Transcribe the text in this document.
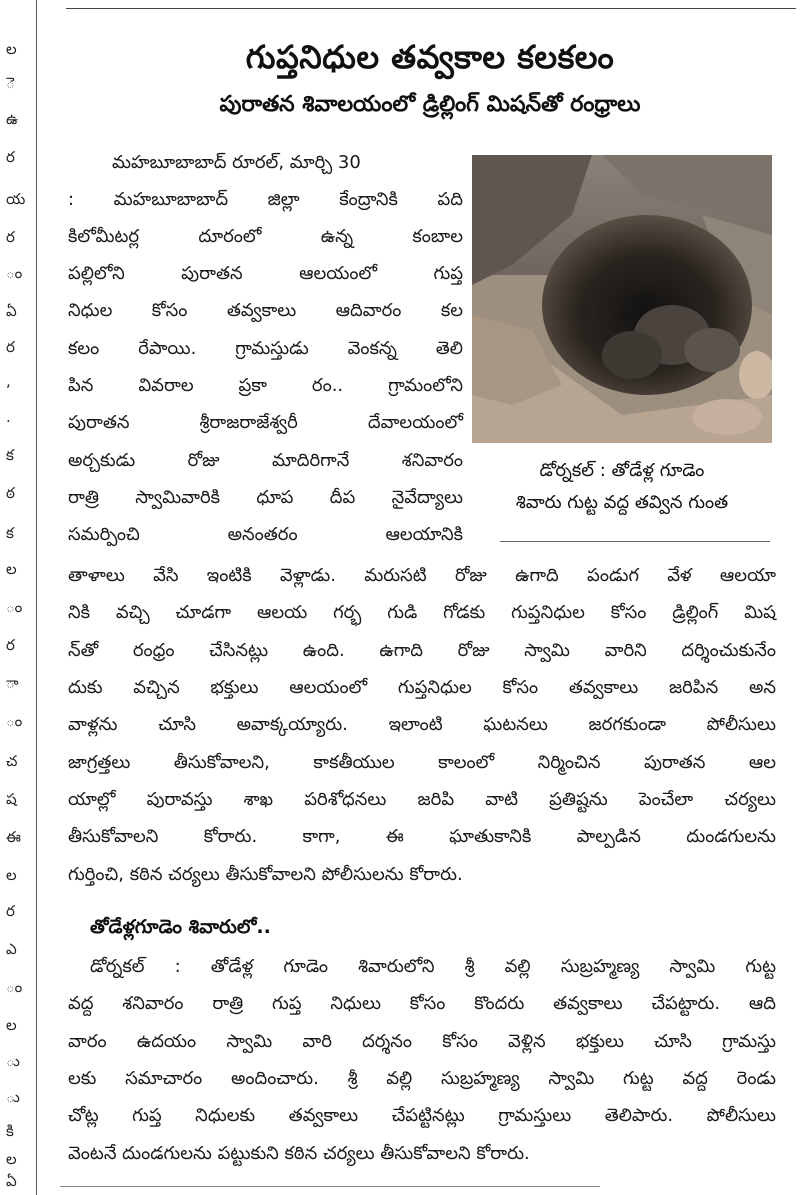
ల
ె
ఉ
ర
య
ర
ం
ఏ
ర
,
.
క
ఠ
క
ల
ం
ర
ా
ం
చ
ష
ఈ
ల
ర
ఎ
ం
ల
ు
ు
కి
ల
ఏ
గుప్తనిధుల తవ్వకాల కలకలం
పురాతన శివాలయంలో డ్రిల్లింగ్ మిషన్‌తో రంధ్రాలు
డోర్నకల్ : తోడేళ్ల గూడెం
శివారు గుట్ట వద్ద తవ్విన గుంత
మహబూబాబాద్ రూరల్, మార్చి 30
: మహబూబాబాద్ జిల్లా కేంద్రానికి పది
కిలోమీటర్ల దూరంలో ఉన్న కంబాల
పల్లిలోని పురాతన ఆలయంలో గుప్త
నిధుల కోసం తవ్వకాలు ఆదివారం కల
కలం రేపాయి. గ్రామస్తుడు వెంకన్న తెలి
పిన వివరాల ప్రకా రం.. గ్రామంలోని
పురాతన శ్రీరాజరాజేశ్వరీ దేవాలయంలో
అర్చకుడు రోజు మాదిరిగానే శనివారం
రాత్రి స్వామివారికి ధూప దీప నైవేద్యాలు
సమర్పించి అనంతరం ఆలయానికి
తాళాలు వేసి ఇంటికి వెళ్లాడు. మరుసటి రోజు ఉగాది పండుగ వేళ ఆలయా
నికి వచ్చి చూడగా ఆలయ గర్భ గుడి గోడకు గుప్తనిధుల కోసం డ్రిల్లింగ్ మిష
న్‌తో రంధ్రం చేసినట్లు ఉంది. ఉగాది రోజు స్వామి వారిని దర్శించుకునేం
దుకు వచ్చిన భక్తులు ఆలయంలో గుప్తనిధుల కోసం తవ్వకాలు జరిపిన అన
వాళ్లను చూసి అవాక్కయ్యారు. ఇలాంటి ఘటనలు జరగకుండా పోలీసులు
జాగ్రత్తలు తీసుకోవాలని, కాకతీయుల కాలంలో నిర్మించిన పురాతన ఆల
యాల్లో పురావస్తు శాఖ పరిశోధనలు జరిపి వాటి ప్రతిష్టను పెంచేలా చర్యలు
తీసుకోవాలని కోరారు. కాగా, ఈ ఘాతుకానికి పాల్పడిన దుండగులను
గుర్తించి, కఠిన చర్యలు తీసుకోవాలని పోలీసులను కోరారు.
తోడేళ్లగూడెం శివారులో..
డోర్నకల్ : తోడేళ్ల గూడెం శివారులోని శ్రీ వల్లి సుబ్రహ్మణ్య స్వామి గుట్ట
వద్ద శనివారం రాత్రి గుప్త నిధులు కోసం కొందరు తవ్వకాలు చేపట్టారు. ఆది
వారం ఉదయం స్వామి వారి దర్శనం కోసం వెళ్లిన భక్తులు చూసి గ్రామస్తు
లకు సమాచారం అందించారు. శ్రీ వల్లి సుబ్రహ్మణ్య స్వామి గుట్ట వద్ద రెండు
చోట్ల గుప్త నిధులకు తవ్వకాలు చేపట్టినట్లు గ్రామస్తులు తెలిపారు. పోలీసులు
వెంటనే దుండగులను పట్టుకుని కఠిన చర్యలు తీసుకోవాలని కోరారు.
